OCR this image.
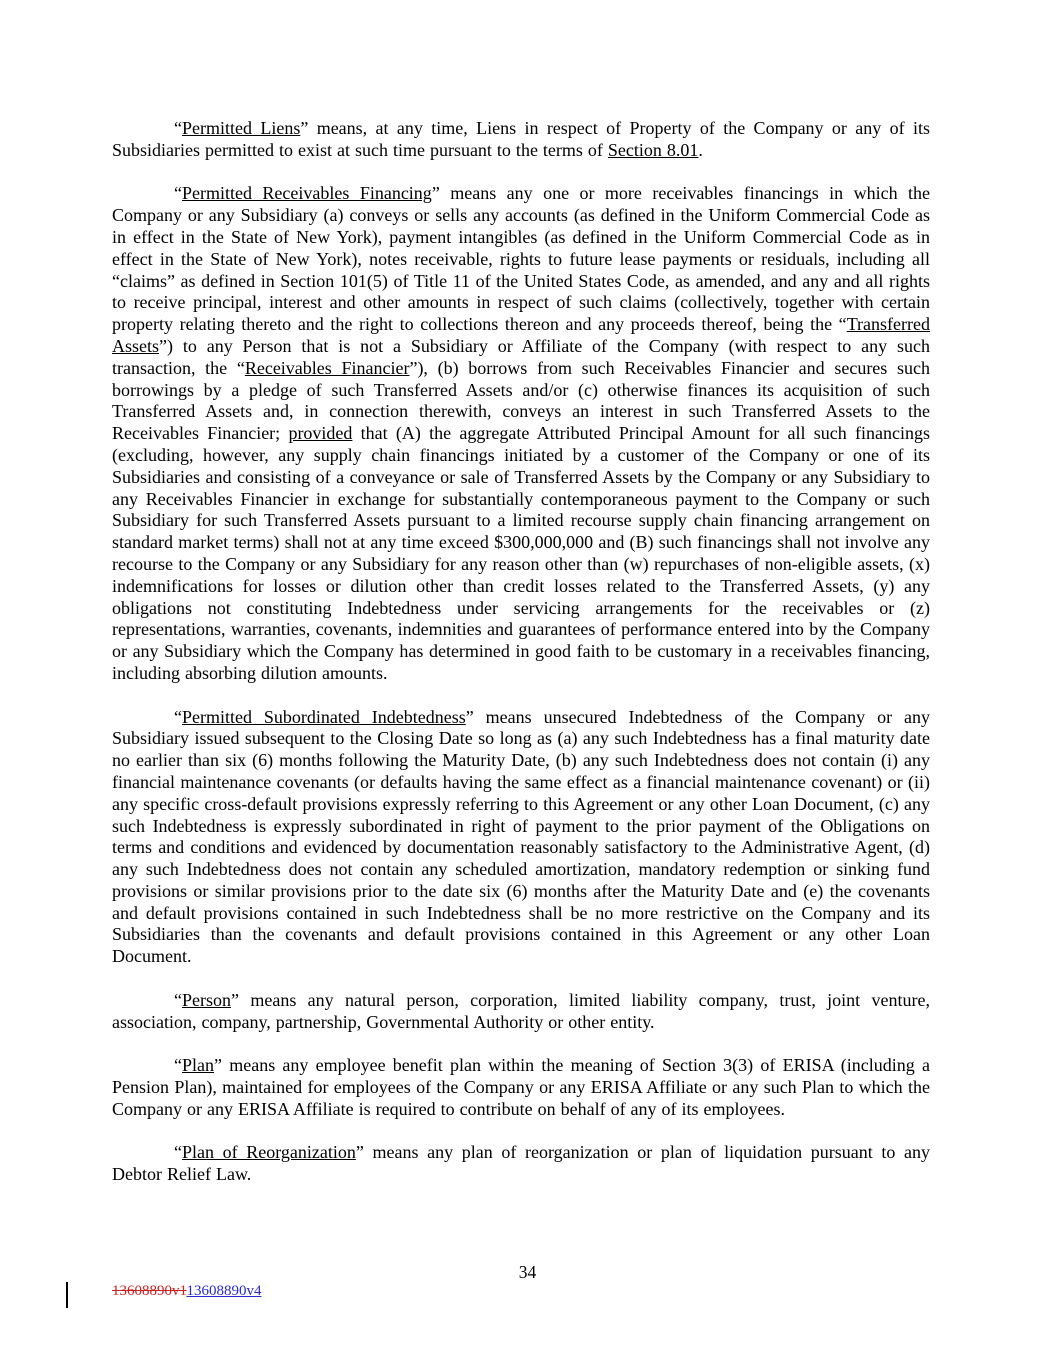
“Permitted Liens” means, at any time, Liens in respect of Property of the Company or any of its Subsidiaries permitted to exist at such time pursuant to the terms of Section 8.01.

“Permitted Receivables Financing” means any one or more receivables financings in which the Company or any Subsidiary (a) conveys or sells any accounts (as defined in the Uniform Commercial Code as in effect in the State of New York), payment intangibles (as defined in the Uniform Commercial Code as in effect in the State of New York), notes receivable, rights to future lease payments or residuals, including all “claims” as defined in Section 101(5) of Title 11 of the United States Code, as amended, and any and all rights to receive principal, interest and other amounts in respect of such claims (collectively, together with certain property relating thereto and the right to collections thereon and any proceeds thereof, being the “Transferred Assets”) to any Person that is not a Subsidiary or Affiliate of the Company (with respect to any such transaction, the “Receivables Financier”), (b) borrows from such Receivables Financier and secures such borrowings by a pledge of such Transferred Assets and/or (c) otherwise finances its acquisition of such Transferred Assets and, in connection therewith, conveys an interest in such Transferred Assets to the Receivables Financier; provided that (A) the aggregate Attributed Principal Amount for all such financings (excluding, however, any supply chain financings initiated by a customer of the Company or one of its Subsidiaries and consisting of a conveyance or sale of Transferred Assets by the Company or any Subsidiary to any Receivables Financier in exchange for substantially contemporaneous payment to the Company or such Subsidiary for such Transferred Assets pursuant to a limited recourse supply chain financing arrangement on standard market terms) shall not at any time exceed $300,000,000 and (B) such financings shall not involve any recourse to the Company or any Subsidiary for any reason other than (w) repurchases of non-eligible assets, (x) indemnifications for losses or dilution other than credit losses related to the Transferred Assets, (y) any obligations not constituting Indebtedness under servicing arrangements for the receivables or (z) representations, warranties, covenants, indemnities and guarantees of performance entered into by the Company or any Subsidiary which the Company has determined in good faith to be customary in a receivables financing, including absorbing dilution amounts.

“Permitted Subordinated Indebtedness” means unsecured Indebtedness of the Company or any Subsidiary issued subsequent to the Closing Date so long as (a) any such Indebtedness has a final maturity date no earlier than six (6) months following the Maturity Date, (b) any such Indebtedness does not contain (i) any financial maintenance covenants (or defaults having the same effect as a financial maintenance covenant) or (ii) any specific cross-default provisions expressly referring to this Agreement or any other Loan Document, (c) any such Indebtedness is expressly subordinated in right of payment to the prior payment of the Obligations on terms and conditions and evidenced by documentation reasonably satisfactory to the Administrative Agent, (d) any such Indebtedness does not contain any scheduled amortization, mandatory redemption or sinking fund provisions or similar provisions prior to the date six (6) months after the Maturity Date and (e) the covenants and default provisions contained in such Indebtedness shall be no more restrictive on the Company and its Subsidiaries than the covenants and default provisions contained in this Agreement or any other Loan Document.

“Person” means any natural person, corporation, limited liability company, trust, joint venture, association, company, partnership, Governmental Authority or other entity.

“Plan” means any employee benefit plan within the meaning of Section 3(3) of ERISA (including a Pension Plan), maintained for employees of the Company or any ERISA Affiliate or any such Plan to which the Company or any ERISA Affiliate is required to contribute on behalf of any of its employees.

“Plan of Reorganization” means any plan of reorganization or plan of liquidation pursuant to any Debtor Relief Law.

34
13608890v113608890v4
